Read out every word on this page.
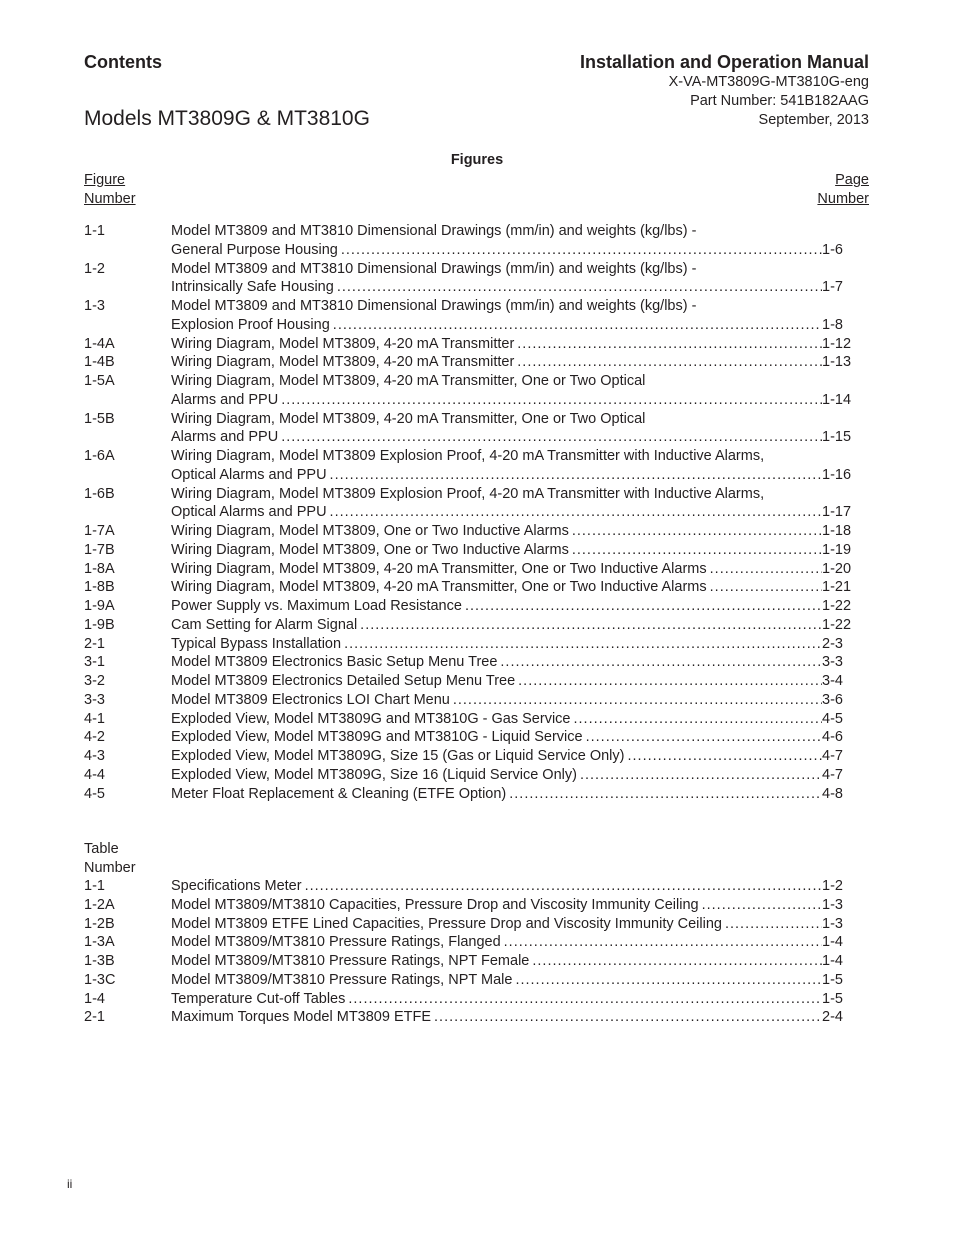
Contents
Models MT3809G & MT3810G
Installation and Operation Manual
X-VA-MT3809G-MT3810G-eng
Part Number: 541B182AAG
September, 2013
Figures
Figure
Number
Page
Number
1-1	Model MT3809 and MT3810 Dimensional Drawings (mm/in) and weights (kg/lbs) -
General Purpose Housing .....	1-6
1-2	Model MT3809 and MT3810 Dimensional Drawings (mm/in) and weights (kg/lbs) -
Intrinsically Safe Housing .....	1-7
1-3	Model MT3809 and MT3810 Dimensional Drawings (mm/in) and weights (kg/lbs) -
Explosion Proof Housing .....	1-8
1-4A	Wiring Diagram, Model MT3809, 4-20 mA Transmitter .....	1-12
1-4B	Wiring Diagram, Model MT3809, 4-20 mA Transmitter .....	1-13
1-5A	Wiring Diagram, Model MT3809, 4-20 mA Transmitter, One or Two Optical
Alarms and PPU .....	1-14
1-5B	Wiring Diagram, Model MT3809, 4-20 mA Transmitter, One or Two Optical
Alarms and PPU .....	1-15
1-6A	Wiring Diagram, Model MT3809 Explosion Proof, 4-20 mA Transmitter with Inductive Alarms,
Optical Alarms and PPU .....	1-16
1-6B	Wiring Diagram, Model MT3809 Explosion Proof, 4-20 mA Transmitter with Inductive Alarms,
Optical Alarms and PPU .....	1-17
1-7A	Wiring Diagram, Model MT3809, One or Two Inductive Alarms .....	1-18
1-7B	Wiring Diagram, Model MT3809, One or Two Inductive Alarms .....	1-19
1-8A	Wiring Diagram, Model MT3809, 4-20 mA Transmitter, One or Two Inductive Alarms .....	1-20
1-8B	Wiring Diagram, Model MT3809, 4-20 mA Transmitter, One or Two Inductive Alarms .....	1-21
1-9A	Power Supply vs. Maximum Load Resistance .....	1-22
1-9B	Cam Setting for Alarm Signal .....	1-22
2-1	Typical Bypass Installation .....	2-3
3-1	Model MT3809 Electronics Basic Setup Menu Tree .....	3-3
3-2	Model MT3809 Electronics Detailed Setup Menu Tree .....	3-4
3-3	Model MT3809 Electronics LOI Chart Menu .....	3-6
4-1	Exploded View, Model MT3809G and MT3810G - Gas Service .....	4-5
4-2	Exploded View, Model MT3809G and MT3810G - Liquid Service .....	4-6
4-3	Exploded View, Model MT3809G, Size 15 (Gas or Liquid Service Only) .....	4-7
4-4	Exploded View, Model MT3809G, Size 16 (Liquid Service Only) .....	4-7
4-5	Meter Float Replacement & Cleaning (ETFE Option) .....	4-8
Table
Number
1-1	Specifications Meter .....	1-2
1-2A	Model MT3809/MT3810 Capacities, Pressure Drop and Viscosity Immunity Ceiling .....	1-3
1-2B	Model MT3809 ETFE Lined Capacities, Pressure Drop and Viscosity Immunity Ceiling .....	1-3
1-3A	Model MT3809/MT3810 Pressure Ratings, Flanged .....	1-4
1-3B	Model MT3809/MT3810 Pressure Ratings, NPT Female .....	1-4
1-3C	Model MT3809/MT3810 Pressure Ratings, NPT Male .....	1-5
1-4	Temperature Cut-off Tables .....	1-5
2-1	Maximum Torques Model MT3809 ETFE .....	2-4
ii
